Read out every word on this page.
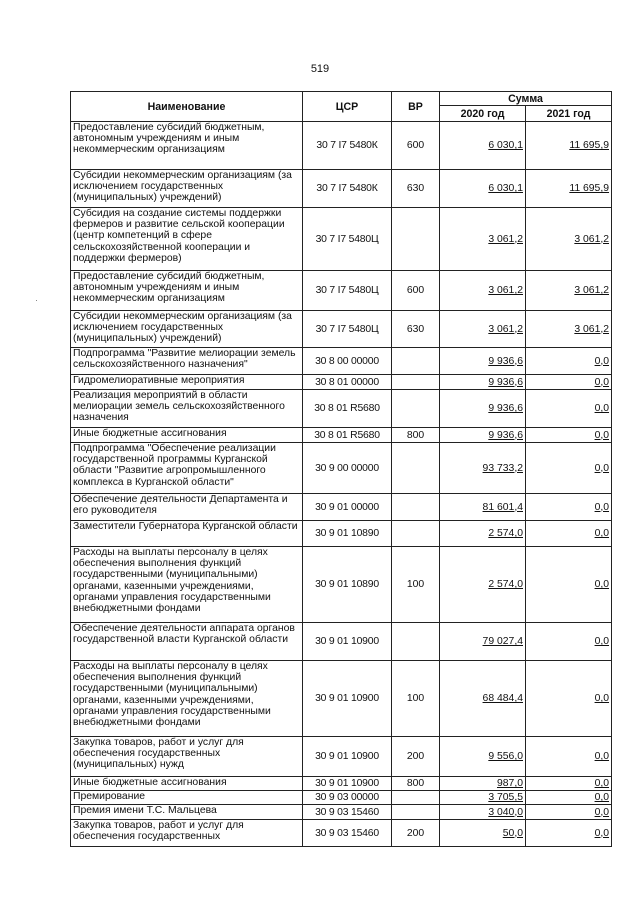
519
Наименование	ЦСР	ВР	Сумма	
			2020 год	2021 год
Предоставление субсидий бюджетным, автономным учреждениям и иным некоммерческим организациям	30 7 I7 5480К	600	6 030,1	11 695,9
Субсидии некоммерческим организациям (за исключением государственных (муниципальных) учреждений)	30 7 I7 5480К	630	6 030,1	11 695,9
Субсидия на создание системы поддержки фермеров и развитие сельской кооперации (центр компетенций в сфере сельскохозяйственной кооперации и поддержки фермеров)	30 7 I7 5480Ц		3 061,2	3 061,2
Предоставление субсидий бюджетным, автономным учреждениям и иным некоммерческим организациям	30 7 I7 5480Ц	600	3 061,2	3 061,2
Субсидии некоммерческим организациям (за исключением государственных (муниципальных) учреждений)	30 7 I7 5480Ц	630	3 061,2	3 061,2
Подпрограмма "Развитие мелиорации земель сельскохозяйственного назначения"	30 8 00 00000		9 936,6	0,0
Гидромелиоративные мероприятия	30 8 01 00000		9 936,6	0,0
Реализация мероприятий в области мелиорации земель сельскохозяйственного назначения	30 8 01 R5680		9 936,6	0,0
Иные бюджетные ассигнования	30 8 01 R5680	800	9 936,6	0,0
Подпрограмма "Обеспечение реализации государственной программы Курганской области "Развитие агропромышленного комплекса в Курганской области"	30 9 00 00000		93 733,2	0,0
Обеспечение деятельности Департамента и его руководителя	30 9 01 00000		81 601,4	0,0
Заместители Губернатора Курганской области	30 9 01 10890		2 574,0	0,0
Расходы на выплаты персоналу в целях обеспечения выполнения функций государственными (муниципальными) органами, казенными учреждениями, органами управления государственными внебюджетными фондами	30 9 01 10890	100	2 574,0	0,0
Обеспечение деятельности аппарата органов государственной власти Курганской области	30 9 01 10900		79 027,4	0,0
Расходы на выплаты персоналу в целях обеспечения выполнения функций государственными (муниципальными) органами, казенными учреждениями, органами управления государственными внебюджетными фондами	30 9 01 10900	100	68 484,4	0,0
Закупка товаров, работ и услуг для обеспечения государственных (муниципальных) нужд	30 9 01 10900	200	9 556,0	0,0
Иные бюджетные ассигнования	30 9 01 10900	800	987,0	0,0
Премирование	30 9 03 00000		3 705,5	0,0
Премия имени Т.С. Мальцева	30 9 03 15460		3 040,0	0,0
Закупка товаров, работ и услуг для обеспечения государственных	30 9 03 15460	200	50,0	0,0
